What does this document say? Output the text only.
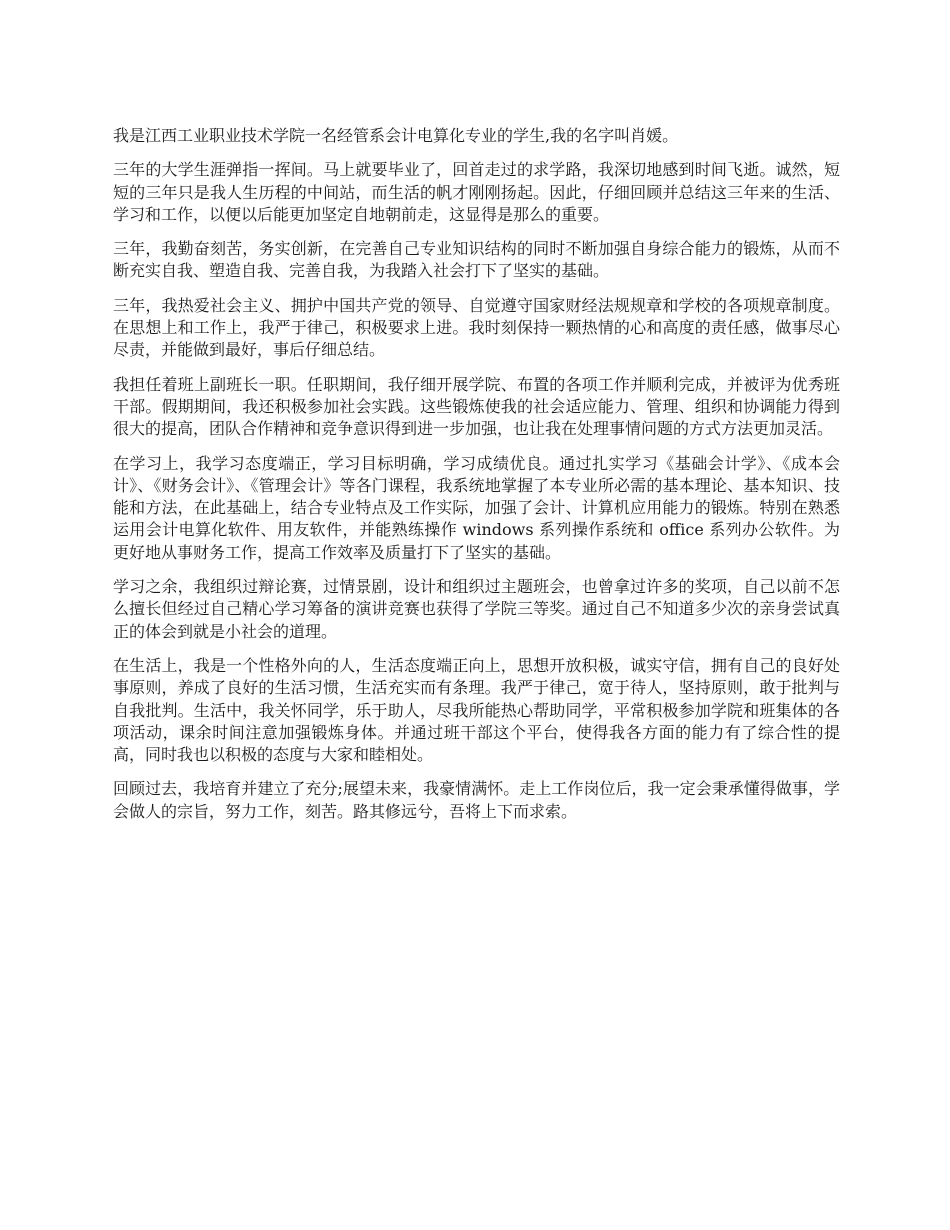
我是江西工业职业技术学院一名经管系会计电算化专业的学生,我的名字叫肖媛。

三年的大学生涯弹指一挥间。马上就要毕业了，回首走过的求学路，我深切地感到时间飞逝。诚然，短短的三年只是我人生历程的中间站，而生活的帆才刚刚扬起。因此，仔细回顾并总结这三年来的生活、学习和工作，以便以后能更加坚定自地朝前走，这显得是那么的重要。

三年，我勤奋刻苦，务实创新，在完善自己专业知识结构的同时不断加强自身综合能力的锻炼，从而不断充实自我、塑造自我、完善自我，为我踏入社会打下了坚实的基础。

三年，我热爱社会主义、拥护中国共产党的领导、自觉遵守国家财经法规规章和学校的各项规章制度。在思想上和工作上，我严于律己，积极要求上进。我时刻保持一颗热情的心和高度的责任感，做事尽心尽责，并能做到最好，事后仔细总结。

我担任着班上副班长一职。任职期间，我仔细开展学院、布置的各项工作并顺利完成，并被评为优秀班干部。假期期间，我还积极参加社会实践。这些锻炼使我的社会适应能力、管理、组织和协调能力得到很大的提高，团队合作精神和竞争意识得到进一步加强，也让我在处理事情问题的方式方法更加灵活。

在学习上，我学习态度端正，学习目标明确，学习成绩优良。通过扎实学习《基础会计学》、《成本会计》、《财务会计》、《管理会计》等各门课程，我系统地掌握了本专业所必需的基本理论、基本知识、技能和方法，在此基础上，结合专业特点及工作实际，加强了会计、计算机应用能力的锻炼。特别在熟悉运用会计电算化软件、用友软件，并能熟练操作 windows 系列操作系统和 office 系列办公软件。为更好地从事财务工作，提高工作效率及质量打下了坚实的基础。

学习之余，我组织过辩论赛，过情景剧，设计和组织过主题班会，也曾拿过许多的奖项，自己以前不怎么擅长但经过自己精心学习筹备的演讲竞赛也获得了学院三等奖。通过自己不知道多少次的亲身尝试真正的体会到就是小社会的道理。

在生活上，我是一个性格外向的人，生活态度端正向上，思想开放积极，诚实守信，拥有自己的良好处事原则，养成了良好的生活习惯，生活充实而有条理。我严于律己，宽于待人，坚持原则，敢于批判与自我批判。生活中，我关怀同学，乐于助人，尽我所能热心帮助同学，平常积极参加学院和班集体的各项活动，课余时间注意加强锻炼身体。并通过班干部这个平台，使得我各方面的能力有了综合性的提高，同时我也以积极的态度与大家和睦相处。

回顾过去，我培育并建立了充分;展望未来，我豪情满怀。走上工作岗位后，我一定会秉承懂得做事，学会做人的宗旨，努力工作，刻苦。路其修远兮，吾将上下而求索。
